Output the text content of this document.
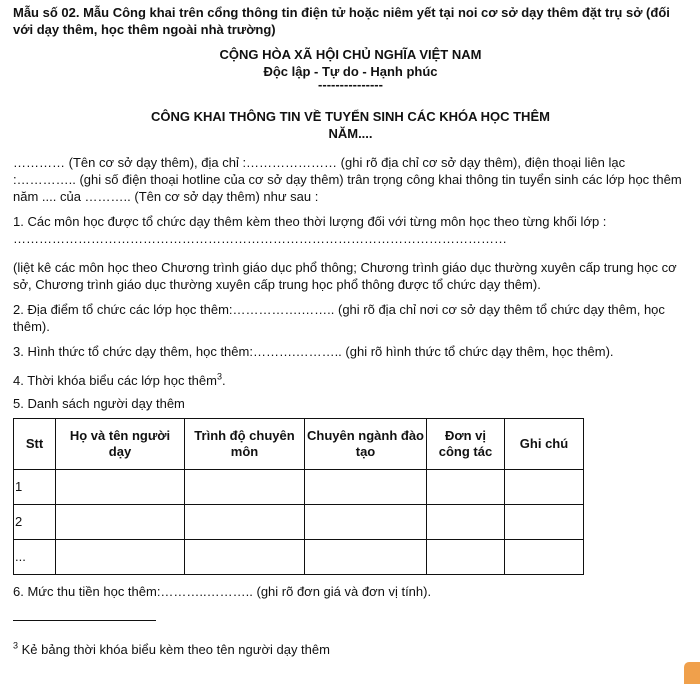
Mẫu số 02. Mẫu Công khai trên cổng thông tin điện tử hoặc niêm yết tại noi cơ sở dạy thêm đặt trụ sở (đối với dạy thêm, học thêm ngoài nhà trường)

CỘNG HÒA XÃ HỘI CHỦ NGHĨA VIỆT NAM
Độc lập - Tự do - Hạnh phúc
---------------
CÔNG KHAI THÔNG TIN VỀ TUYỂN SINH CÁC KHÓA HỌC THÊM
NĂM....

………… (Tên cơ sở dạy thêm), địa chỉ :………………… (ghi rõ địa chỉ cơ sở dạy thêm), điện thoại liên lạc :………….. (ghi số điện thoại hotline của cơ sở dạy thêm) trân trọng công khai thông tin tuyển sinh các lớp học thêm năm .... của ……….. (Tên cơ sở dạy thêm) như sau :

1. Các môn học được tổ chức dạy thêm kèm theo thời lượng đối với từng môn học theo từng khối lớp : ……………………………………………………………………………………………………

(liệt kê các môn học theo Chương trình giáo dục phổ thông; Chương trình giáo dục thường xuyên cấp trung học cơ sở, Chương trình giáo dục thường xuyên cấp trung học phổ thông được tổ chức dạy thêm).

2. Địa điểm tổ chức các lớp học thêm:…………….…….. (ghi rõ địa chỉ nơi cơ sở dạy thêm tổ chức dạy thêm, học thêm).

3. Hình thức tổ chức dạy thêm, học thêm:……….……….. (ghi rõ hình thức tổ chức dạy thêm, học thêm).

4. Thời khóa biểu các lớp học thêm$^3$.

5. Danh sách người dạy thêm

Stt	Họ và tên người dạy	Trình độ chuyên môn	Chuyên ngành đào tạo	Đơn vị công tác	Ghi chú
1					
2					
...					

6. Mức thu tiền học thêm:………..……….. (ghi rõ đơn giá và đơn vị tính).

$^3$ Kẻ bảng thời khóa biểu kèm theo tên người dạy thêm
